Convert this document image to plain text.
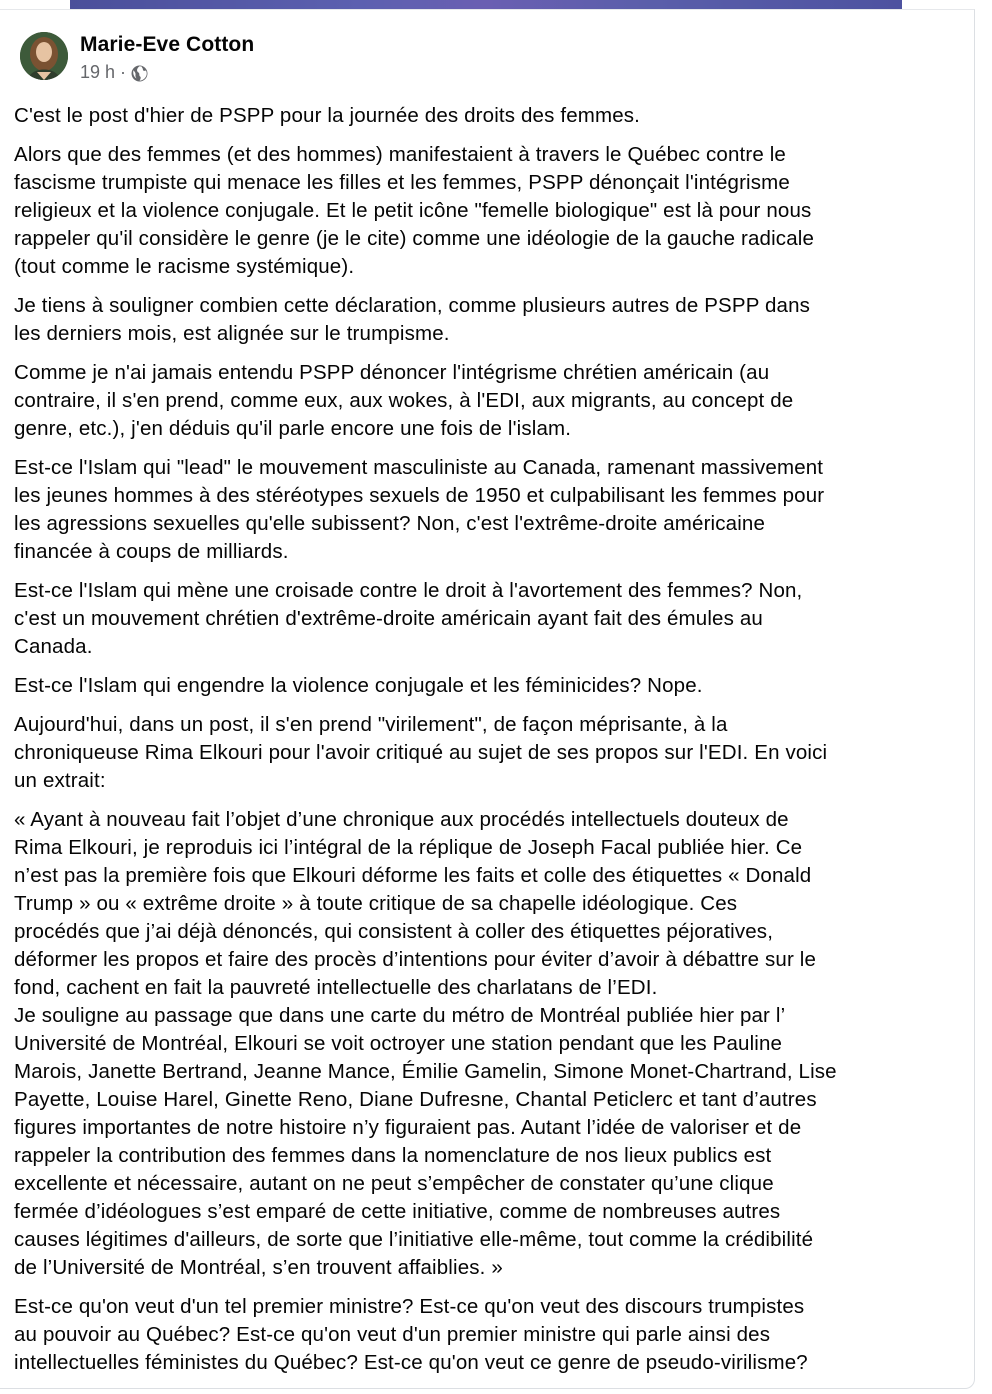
Marie-Eve Cotton
19 h ·

C'est le post d'hier de PSPP pour la journée des droits des femmes.

Alors que des femmes (et des hommes) manifestaient à travers le Québec contre le
fascisme trumpiste qui menace les filles et les femmes, PSPP dénonçait l'intégrisme
religieux et la violence conjugale. Et le petit icône "femelle biologique" est là pour nous
rappeler qu'il considère le genre (je le cite) comme une idéologie de la gauche radicale
(tout comme le racisme systémique).

Je tiens à souligner combien cette déclaration, comme plusieurs autres de PSPP dans
les derniers mois, est alignée sur le trumpisme.

Comme je n'ai jamais entendu PSPP dénoncer l'intégrisme chrétien américain (au
contraire, il s'en prend, comme eux, aux wokes, à l'EDI, aux migrants, au concept de
genre, etc.), j'en déduis qu'il parle encore une fois de l'islam.

Est-ce l'Islam qui "lead" le mouvement masculiniste au Canada, ramenant massivement
les jeunes hommes à des stéréotypes sexuels de 1950 et culpabilisant les femmes pour
les agressions sexuelles qu'elle subissent? Non, c'est l'extrême-droite américaine
financée à coups de milliards.

Est-ce l'Islam qui mène une croisade contre le droit à l'avortement des femmes? Non,
c'est un mouvement chrétien d'extrême-droite américain ayant fait des émules au
Canada.

Est-ce l'Islam qui engendre la violence conjugale et les féminicides? Nope.

Aujourd'hui, dans un post, il s'en prend "virilement", de façon méprisante, à la
chroniqueuse Rima Elkouri pour l'avoir critiqué au sujet de ses propos sur l'EDI. En voici
un extrait:

« Ayant à nouveau fait l’objet d’une chronique aux procédés intellectuels douteux de
Rima Elkouri, je reproduis ici l’intégral de la réplique de Joseph Facal publiée hier. Ce
n’est pas la première fois que Elkouri déforme les faits et colle des étiquettes « Donald
Trump » ou « extrême droite » à toute critique de sa chapelle idéologique. Ces
procédés que j’ai déjà dénoncés, qui consistent à coller des étiquettes péjoratives,
déformer les propos et faire des procès d’intentions pour éviter d’avoir à débattre sur le
fond, cachent en fait la pauvreté intellectuelle des charlatans de l’EDI.
Je souligne au passage que dans une carte du métro de Montréal publiée hier par l’
Université de Montréal, Elkouri se voit octroyer une station pendant que les Pauline
Marois, Janette Bertrand, Jeanne Mance, Émilie Gamelin, Simone Monet-Chartrand, Lise
Payette, Louise Harel, Ginette Reno, Diane Dufresne, Chantal Peticlerc et tant d’autres
figures importantes de notre histoire n’y figuraient pas. Autant l’idée de valoriser et de
rappeler la contribution des femmes dans la nomenclature de nos lieux publics est
excellente et nécessaire, autant on ne peut s’empêcher de constater qu’une clique
fermée d’idéologues s’est emparé de cette initiative, comme de nombreuses autres
causes légitimes d'ailleurs, de sorte que l’initiative elle-même, tout comme la crédibilité
de l’Université de Montréal, s’en trouvent affaiblies. »

Est-ce qu'on veut d'un tel premier ministre? Est-ce qu'on veut des discours trumpistes
au pouvoir au Québec? Est-ce qu'on veut d'un premier ministre qui parle ainsi des
intellectuelles féministes du Québec? Est-ce qu'on veut ce genre de pseudo-virilisme?
